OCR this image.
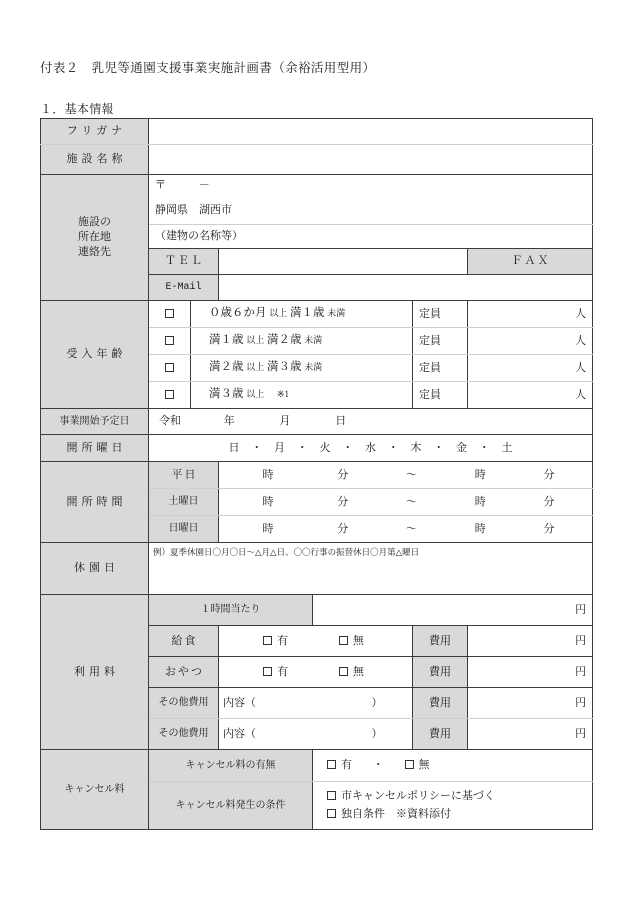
付表２　乳児等通園支援事業実施計画書（余裕活用型用）
１．基本情報
フリガナ							
施設名称							

施設の
所在地
連絡先	〒 －						
	静岡県　湖西市						
	（建物の名称等）						
	ＴＥＬ					ＦＡＸ	
	E-Mail						
受入年齢		０歳６か月 以上 満１歳 未満			定員	人	
		満１歳 以上 満２歳 未満			定員	人	
		満２歳 以上 満３歳 未満			定員	人	
		満３歳 以上 ※1			定員	人	
事業開始予定日	令和 年 月 日						
開所曜日	日 ・ 月 ・ 火 ・ 水 ・ 木 ・ 金 ・ 土						
開所時間	平日		時 分 ～ 時 分				
	土曜日		時 分 ～ 時 分				
	日曜日		時 分 ～ 時 分				
休園日	例）夏季休園日〇月〇日～△月△日、〇〇行事の振替休日〇月第△曜日						
利用料	１時間当たり			円			
	給食		有 無		費用	円	
	おやつ		有 無		費用	円	
	その他費用		内容（ ）		費用	円	
	その他費用		内容（ ）		費用	円	
キャンセル料	キャンセル料の有無			有 ・ 無			
	キャンセル料発生の条件			市キャンセルポリシーに基づく
独自条件　※資料添付			
